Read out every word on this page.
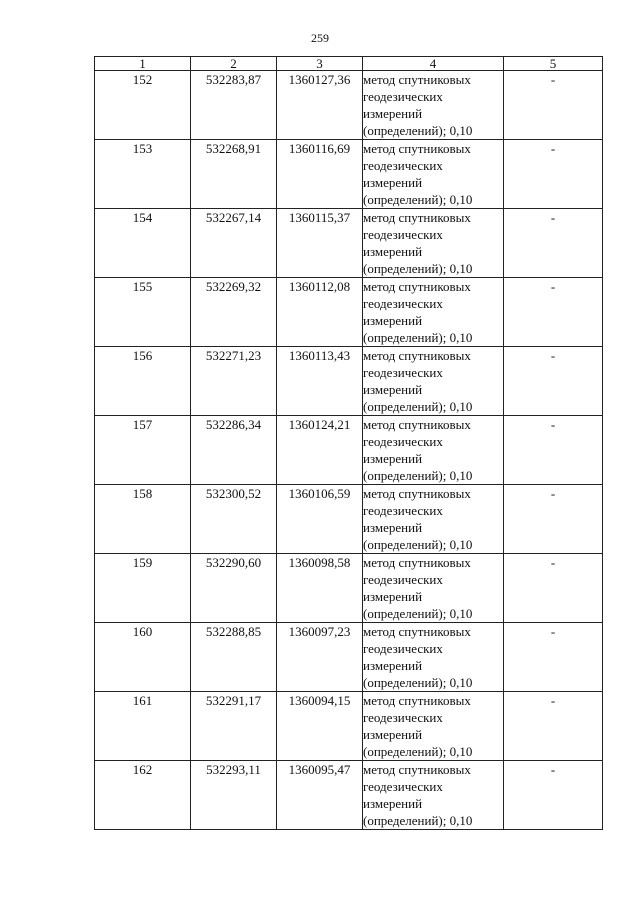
259
1	2	3	4	5
152	532283,87	1360127,36	метод спутниковых
геодезических
измерений
(определений); 0,10	-
153	532268,91	1360116,69	метод спутниковых
геодезических
измерений
(определений); 0,10	-
154	532267,14	1360115,37	метод спутниковых
геодезических
измерений
(определений); 0,10	-
155	532269,32	1360112,08	метод спутниковых
геодезических
измерений
(определений); 0,10	-
156	532271,23	1360113,43	метод спутниковых
геодезических
измерений
(определений); 0,10	-
157	532286,34	1360124,21	метод спутниковых
геодезических
измерений
(определений); 0,10	-
158	532300,52	1360106,59	метод спутниковых
геодезических
измерений
(определений); 0,10	-
159	532290,60	1360098,58	метод спутниковых
геодезических
измерений
(определений); 0,10	-
160	532288,85	1360097,23	метод спутниковых
геодезических
измерений
(определений); 0,10	-
161	532291,17	1360094,15	метод спутниковых
геодезических
измерений
(определений); 0,10	-
162	532293,11	1360095,47	метод спутниковых
геодезических
измерений
(определений); 0,10	-
